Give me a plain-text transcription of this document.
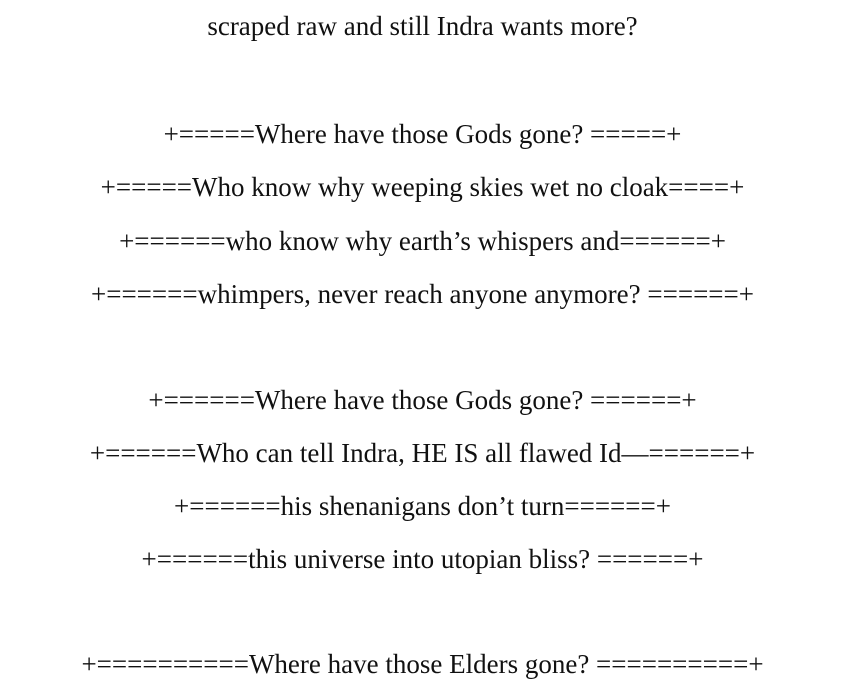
scraped raw and still Indra wants more?
+=====Where have those Gods gone? =====+
+=====Who know why weeping skies wet no cloak====+
+======who know why earth’s whispers and======+
+======whimpers, never reach anyone anymore? ======+
+======Where have those Gods gone? ======+
+======Who can tell Indra, HE IS all flawed Id—======+
+======his shenanigans don’t turn======+
+======this universe into utopian bliss? ======+
+==========Where have those Elders gone? ==========+
